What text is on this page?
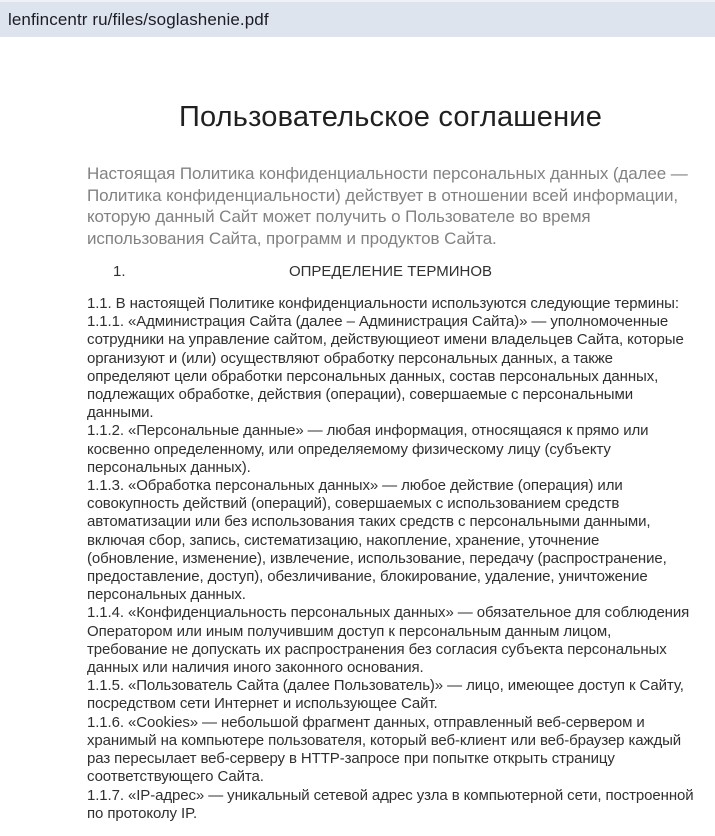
lenfincentr ru/files/soglashenie.pdf
Пользовательское соглашение

Настоящая Политика конфиденциальности персональных данных (далее — Политика конфиденциальности) действует в отношении всей информации, которую данный Сайт может получить о Пользователе во время использования Сайта, программ и продуктов Сайта.

1.	ОПРЕДЕЛЕНИЕ ТЕРМИНОВ

1.1. В настоящей Политике конфиденциальности используются следующие термины:

1.1.1. «Администрация Сайта (далее – Администрация Сайта)» — уполномоченные сотрудники на управление сайтом, действующиеот имени владельцев Сайта, которые организуют и (или) осуществляют обработку персональных данных, а также определяют цели обработки персональных данных, состав персональных данных, подлежащих обработке, действия (операции), совершаемые с персональными данными.

1.1.2. «Персональные данные» — любая информация, относящаяся к прямо или косвенно определенному, или определяемому физическому лицу (субъекту персональных данных).

1.1.3. «Обработка персональных данных» — любое действие (операция) или совокупность действий (операций), совершаемых с использованием средств автоматизации или без использования таких средств с персональными данными, включая сбор, запись, систематизацию, накопление, хранение, уточнение (обновление, изменение), извлечение, использование, передачу (распространение, предоставление, доступ), обезличивание, блокирование, удаление, уничтожение персональных данных.

1.1.4. «Конфиденциальность персональных данных» — обязательное для соблюдения Оператором или иным получившим доступ к персональным данным лицом, требование не допускать их распространения без согласия субъекта персональных данных или наличия иного законного основания.

1.1.5. «Пользователь Сайта (далее Пользователь)» — лицо, имеющее доступ к Сайту, посредством сети Интернет и использующее Сайт.

1.1.6. «Cookies» — небольшой фрагмент данных, отправленный веб-сервером и хранимый на компьютере пользователя, который веб-клиент или веб-браузер каждый раз пересылает веб-серверу в HTTP-запросе при попытке открыть страницу соответствующего Сайта.

1.1.7. «IP-адрес» — уникальный сетевой адрес узла в компьютерной сети, построенной по протоколу IP.
